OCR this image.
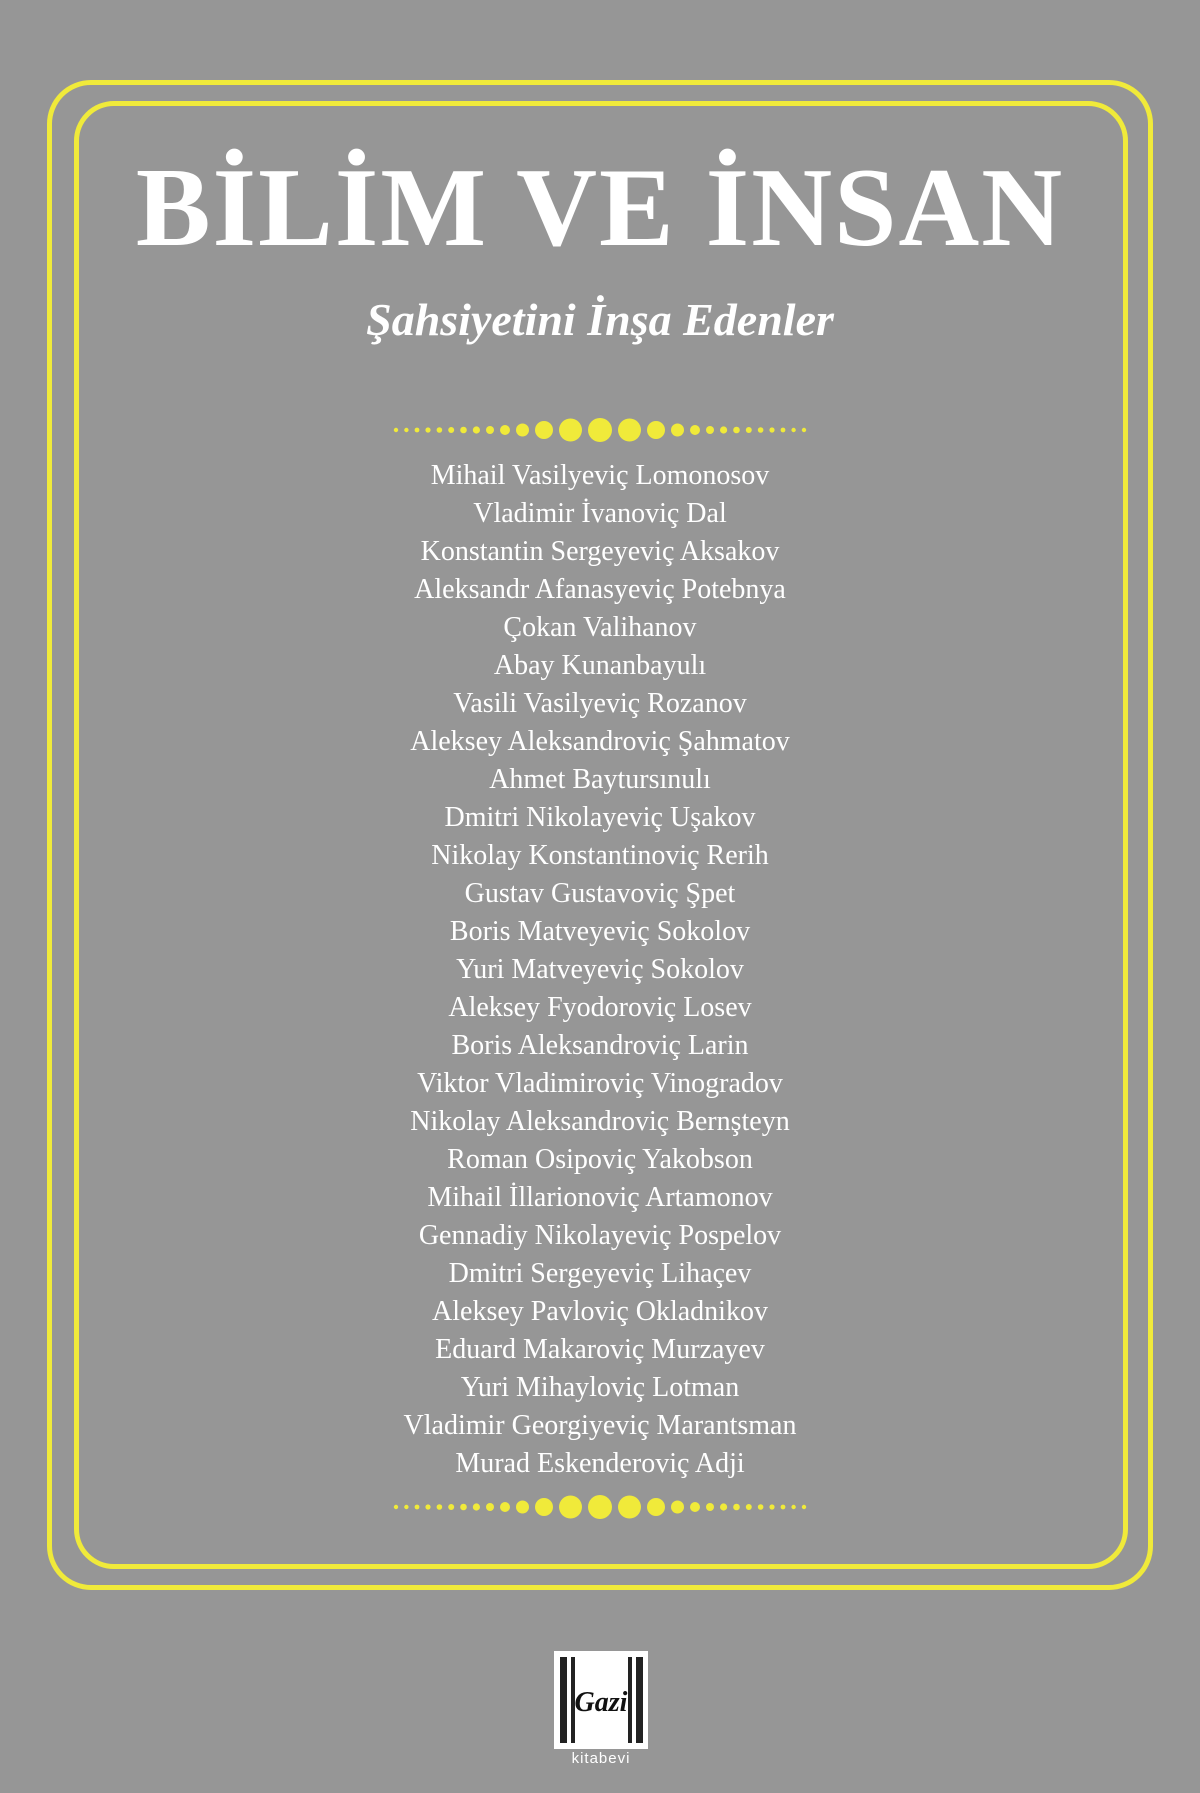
BİLİM VE İNSAN
Şahsiyetini İnşa Edenler
Mihail Vasilyeviç Lomonosov
Vladimir İvanoviç Dal
Konstantin Sergeyeviç Aksakov
Aleksandr Afanasyeviç Potebnya
Çokan Valihanov
Abay Kunanbayulı
Vasili Vasilyeviç Rozanov
Aleksey Aleksandroviç Şahmatov
Ahmet Baytursınulı
Dmitri Nikolayeviç Uşakov
Nikolay Konstantinoviç Rerih
Gustav Gustavoviç Şpet
Boris Matveyeviç Sokolov
Yuri Matveyeviç Sokolov
Aleksey Fyodoroviç Losev
Boris Aleksandroviç Larin
Viktor Vladimiroviç Vinogradov
Nikolay Aleksandroviç Bernşteyn
Roman Osipoviç Yakobson
Mihail İllarionoviç Artamonov
Gennadiy Nikolayeviç Pospelov
Dmitri Sergeyeviç Lihaçev
Aleksey Pavloviç Okladnikov
Eduard Makaroviç Murzayev
Yuri Mihayloviç Lotman
Vladimir Georgiyeviç Marantsman
Murad Eskenderoviç Adji
Gazi
kitabevi
